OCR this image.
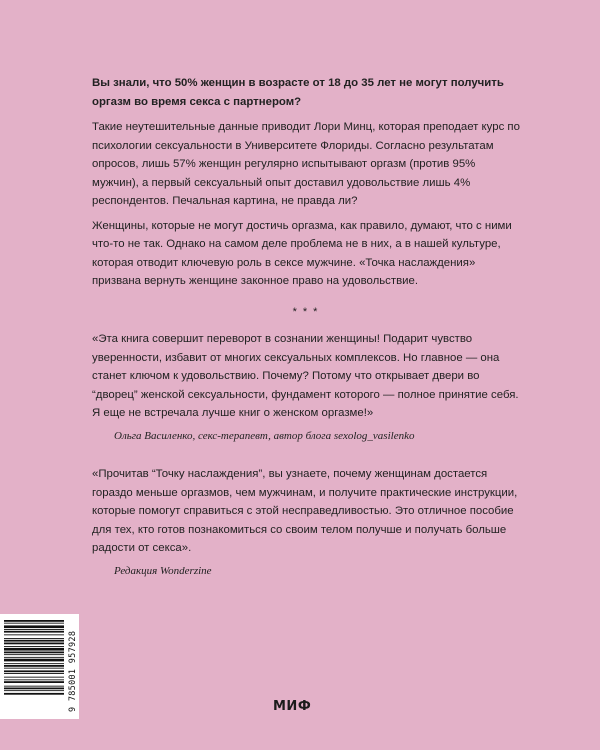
Вы знали, что 50% женщин в возрасте от 18 до 35 лет не могут получить оргазм во время секса с партнером?

Такие неутешительные данные приводит Лори Минц, которая преподает курс по психологии сексуальности в Университете Флориды. Согласно результатам опросов, лишь 57% женщин регулярно испытывают оргазм (против 95% мужчин), а первый сексуальный опыт доставил удовольствие лишь 4% респондентов. Печальная картина, не правда ли?

Женщины, которые не могут достичь оргазма, как правило, думают, что с ними что-то не так. Однако на самом деле проблема не в них, а в нашей культуре, которая отводит ключевую роль в сексе мужчине. «Точка наслаждения» призвана вернуть женщине законное право на удовольствие.

***

«Эта книга совершит переворот в сознании женщины! Подарит чувство уверенности, избавит от многих сексуальных комплексов. Но главное — она станет ключом к удовольствию. Почему? Потому что открывает двери во “дворец” женской сексуальности, фундамент которого — полное принятие себя. Я еще не встречала лучше книг о женском оргазме!»

Ольга Василенко, секс-терапевт, автор блога sexolog_vasilenko

«Прочитав “Точку наслаждения”, вы узнаете, почему женщинам достается гораздо меньше оргазмов, чем мужчинам, и получите практические инструкции, которые помогут справиться с этой несправедливостью. Это отличное пособие для тех, кто готов познакомиться со своим телом получше и получать больше радости от секса».

Редакция Wonderzine

9 785001 957928	МИФ
